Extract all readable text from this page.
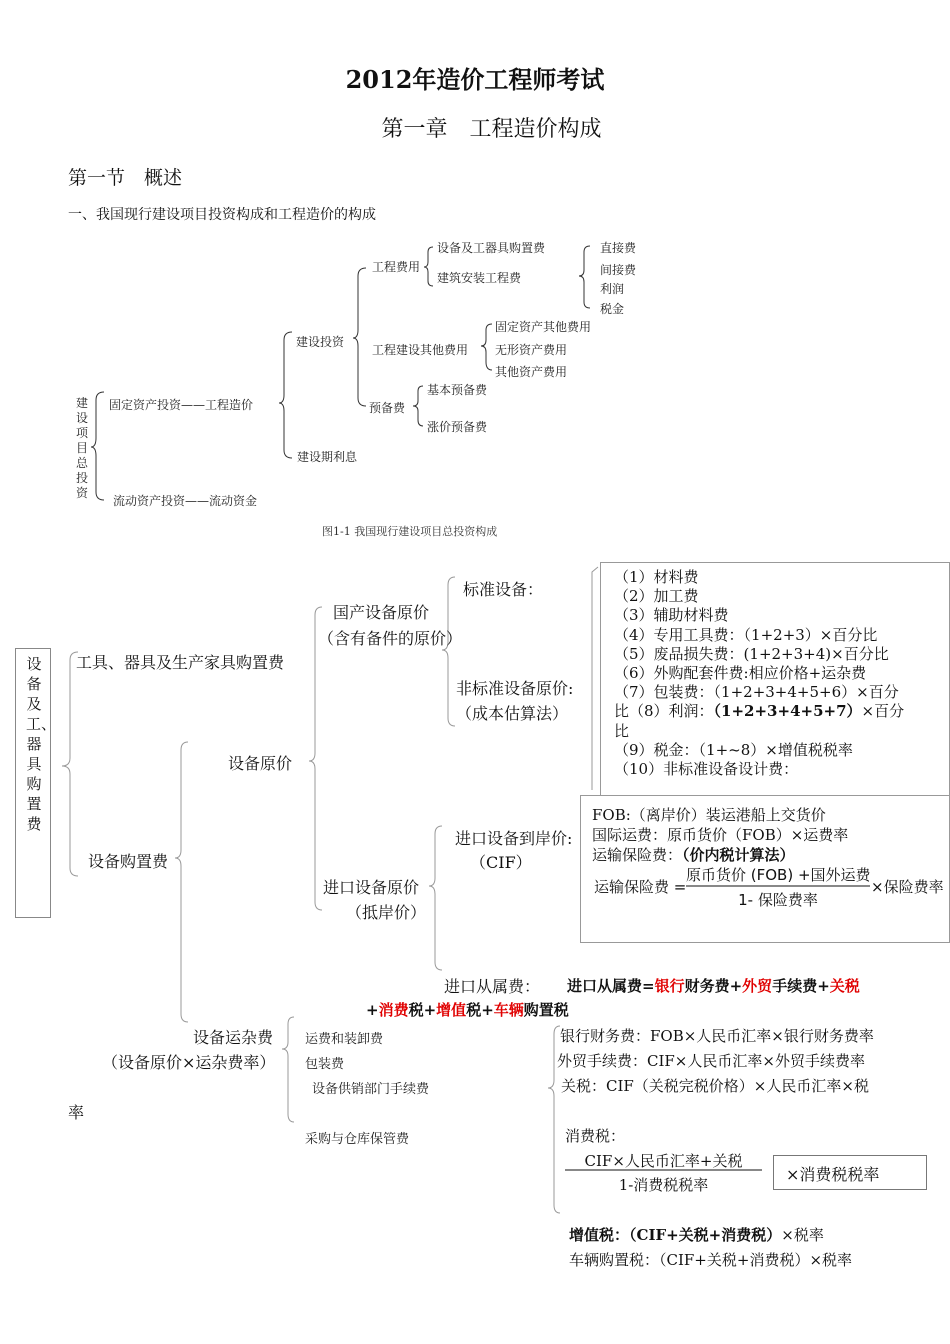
2012年造价工程师考试
第一章　工程造价构成
第一节　概述
一、我国现行建设项目投资构成和工程造价的构成
建设项目总投资
固定资产投资——工程造价
流动资产投资——流动资金
建设投资
建设期利息
工程费用
工程建设其他费用
预备费
设备及工器具购置费
建筑安装工程费
直接费
间接费
利润
税金
固定资产其他费用
无形资产费用
其他资产费用
基本预备费
涨价预备费
图1-1 我国现行建设项目总投资构成
设备及工、器具购置费
工具、器具及生产家具购置费
设备购置费
设备原价
国产设备原价
（含有备件的原价）
标准设备：
非标准设备原价:
（成本估算法）
（1）材料费
（2）加工费
（3）辅助材料费
（4）专用工具费：（1+2+3）×百分比
（5）废品损失费：(1+2+3+4)×百分比
（6）外购配套件费:相应价格+运杂费
（7）包装费：（1+2+3+4+5+6）×百分
比（8）利润：（1+2+3+4+5+7）×百分
比
（9）税金：（1+~8）×增值税税率
（10）非标准设备设计费：
进口设备原价
（抵岸价）
进口设备到岸价:
（CIF）
FOB:（离岸价）装运港船上交货价
国际运费：原币货价（FOB）×运费率
运输保险费：（价内税计算法）
运输保险费 =
原币货价 (FOB) +国外运费
1- 保险费率
×保险费率
进口从属费： 进口从属费=银行财务费+外贸手续费+关税
+消费税+增值税+车辆购置税
设备运杂费
（设备原价×运杂费率）
率
运费和装卸费
包装费
设备供销部门手续费
采购与仓库保管费
银行财务费：FOB×人民币汇率×银行财务费率
外贸手续费：CIF×人民币汇率×外贸手续费率
关税：CIF（关税完税价格）×人民币汇率×税
消费税：
CIF×人民币汇率+关税
1-消费税税率
×消费税税率
增值税：（CIF+关税+消费税）×税率
车辆购置税：（CIF+关税+消费税）×税率
